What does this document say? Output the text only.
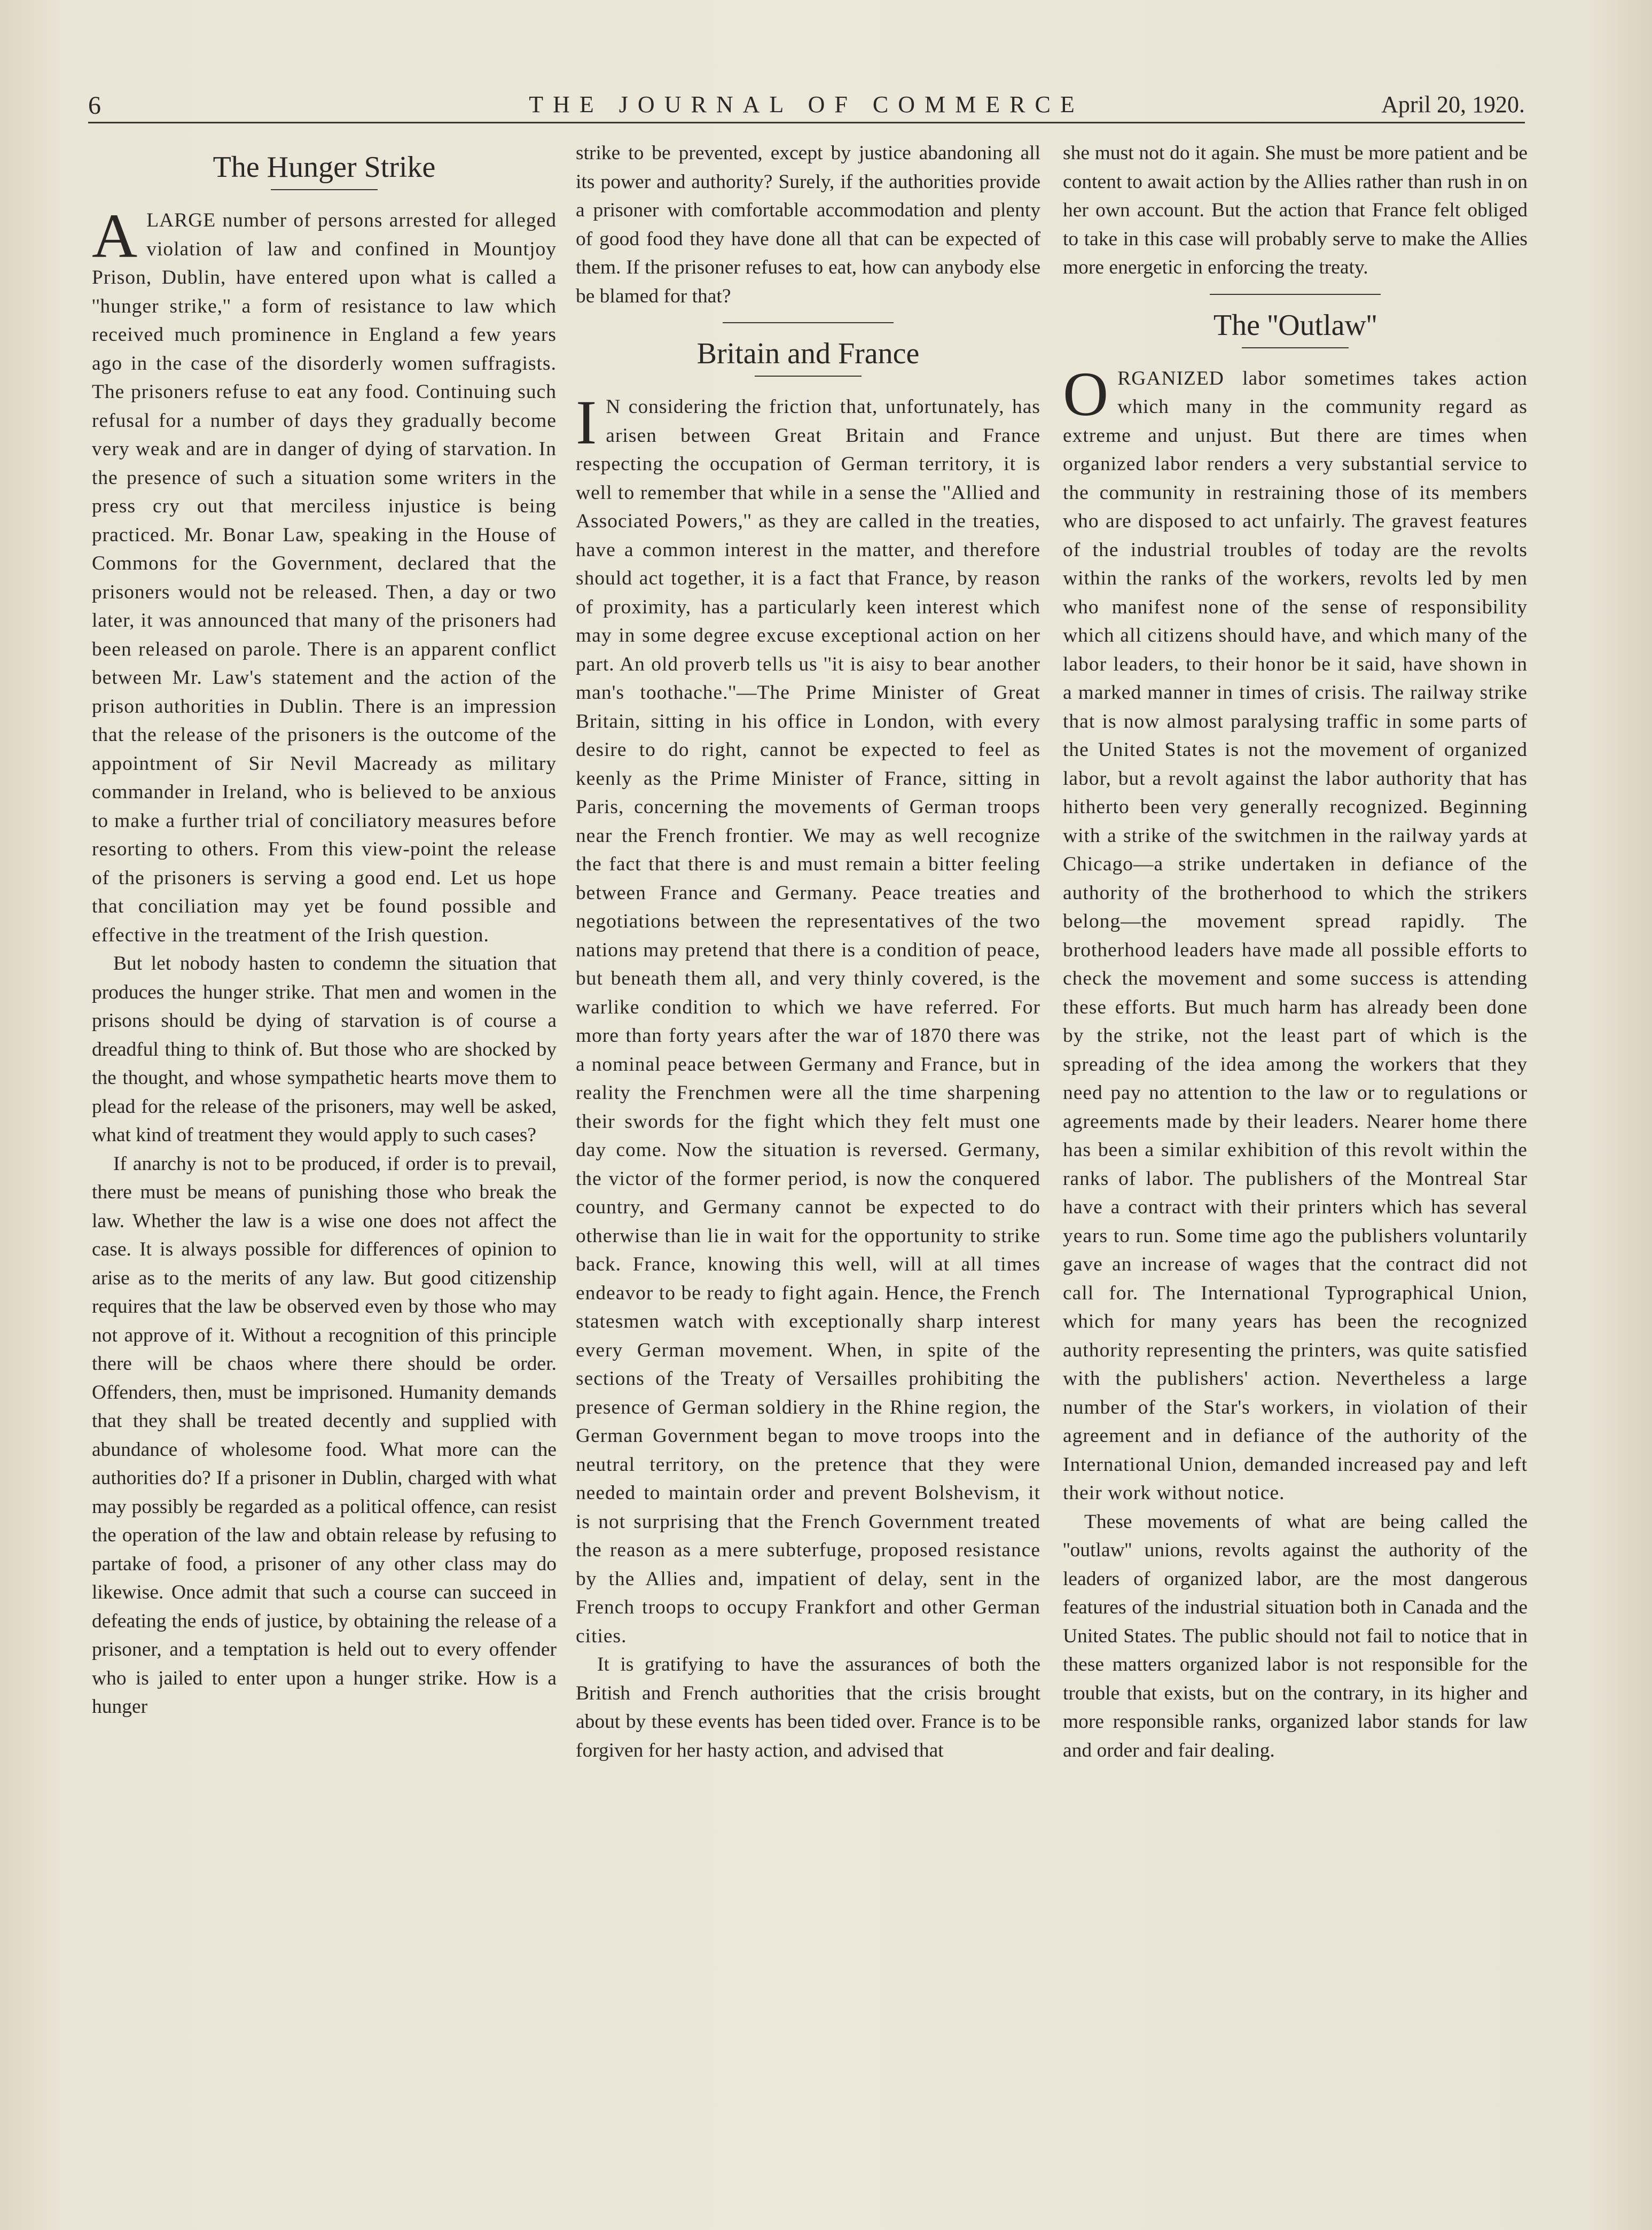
6	THE JOURNAL OF COMMERCE	April 20, 1920.
The Hunger Strike

ALARGE number of persons arrested for alleged violation of law and confined in Mountjoy Prison, Dublin, have entered upon what is called a ''hunger strike,'' a form of resistance to law which received much prominence in England a few years ago in the case of the disorderly women suffragists. The prisoners refuse to eat any food. Continuing such refusal for a number of days they gradually become very weak and are in danger of dying of starvation. In the presence of such a situation some writers in the press cry out that merciless injustice is being practiced. Mr. Bonar Law, speaking in the House of Commons for the Government, declared that the prisoners would not be released. Then, a day or two later, it was announced that many of the prisoners had been released on parole. There is an apparent conflict between Mr. Law's statement and the action of the prison authorities in Dublin. There is an impression that the release of the prisoners is the outcome of the appointment of Sir Nevil Macready as military commander in Ireland, who is believed to be anxious to make a further trial of conciliatory measures before resorting to others. From this view-point the release of the prisoners is serving a good end. Let us hope that conciliation may yet be found possible and effective in the treatment of the Irish question.

But let nobody hasten to condemn the situation that produces the hunger strike. That men and women in the prisons should be dying of starvation is of course a dreadful thing to think of. But those who are shocked by the thought, and whose sympathetic hearts move them to plead for the release of the prisoners, may well be asked, what kind of treatment they would apply to such cases?

If anarchy is not to be produced, if order is to prevail, there must be means of punishing those who break the law. Whether the law is a wise one does not affect the case. It is always possible for differences of opinion to arise as to the merits of any law. But good citizenship requires that the law be observed even by those who may not approve of it. Without a recognition of this principle there will be chaos where there should be order. Offenders, then, must be imprisoned. Humanity demands that they shall be treated decently and supplied with abundance of wholesome food. What more can the authorities do? If a prisoner in Dublin, charged with what may possibly be regarded as a political offence, can resist the operation of the law and obtain release by refusing to partake of food, a prisoner of any other class may do likewise. Once admit that such a course can succeed in defeating the ends of justice, by obtaining the release of a prisoner, and a temptation is held out to every offender who is jailed to enter upon a hunger strike. How is a hunger

strike to be prevented, except by justice abandoning all its power and authority? Surely, if the authorities provide a prisoner with comfortable accommodation and plenty of good food they have done all that can be expected of them. If the prisoner refuses to eat, how can anybody else be blamed for that?

Britain and France

I N considering the friction that, unfortunately, has arisen between Great Britain and France respecting the occupation of German territory, it is well to remember that while in a sense the ''Allied and Associated Powers,'' as they are called in the treaties, have a common interest in the matter, and therefore should act together, it is a fact that France, by reason of proximity, has a particularly keen interest which may in some degree excuse exceptional action on her part. An old proverb tells us ''it is aisy to bear another man's toothache.''—The Prime Minister of Great Britain, sitting in his office in London, with every desire to do right, cannot be expected to feel as keenly as the Prime Minister of France, sitting in Paris, concerning the movements of German troops near the French frontier. We may as well recognize the fact that there is and must remain a bitter feeling between France and Germany. Peace treaties and negotiations between the representatives of the two nations may pretend that there is a condition of peace, but beneath them all, and very thinly covered, is the warlike condition to which we have referred. For more than forty years after the war of 1870 there was a nominal peace between Germany and France, but in reality the Frenchmen were all the time sharpening their swords for the fight which they felt must one day come. Now the situation is reversed. Germany, the victor of the former period, is now the conquered country, and Germany cannot be expected to do otherwise than lie in wait for the opportunity to strike back. France, knowing this well, will at all times endeavor to be ready to fight again. Hence, the French statesmen watch with exceptionally sharp interest every German movement. When, in spite of the sections of the Treaty of Versailles prohibiting the presence of German soldiery in the Rhine region, the German Government began to move troops into the neutral territory, on the pretence that they were needed to maintain order and prevent Bolshevism, it is not surprising that the French Government treated the reason as a mere subterfuge, proposed resistance by the Allies and, impatient of delay, sent in the French troops to occupy Frankfort and other German cities.

It is gratifying to have the assurances of both the British and French authorities that the crisis brought about by these events has been tided over. France is to be forgiven for her hasty action, and advised that

she must not do it again. She must be more patient and be content to await action by the Allies rather than rush in on her own account. But the action that France felt obliged to take in this case will probably serve to make the Allies more energetic in enforcing the treaty.

The ''Outlaw''

ORGANIZED labor sometimes takes action which many in the community regard as extreme and unjust. But there are times when organized labor renders a very substantial service to the community in restraining those of its members who are disposed to act unfairly. The gravest features of the industrial troubles of today are the revolts within the ranks of the workers, revolts led by men who manifest none of the sense of responsibility which all citizens should have, and which many of the labor leaders, to their honor be it said, have shown in a marked manner in times of crisis. The railway strike that is now almost paralysing traffic in some parts of the United States is not the movement of organized labor, but a revolt against the labor authority that has hitherto been very generally recognized. Beginning with a strike of the switchmen in the railway yards at Chicago—a strike undertaken in defiance of the authority of the brotherhood to which the strikers belong—the movement spread rapidly. The brotherhood leaders have made all possible efforts to check the movement and some success is attending these efforts. But much harm has already been done by the strike, not the least part of which is the spreading of the idea among the workers that they need pay no attention to the law or to regulations or agreements made by their leaders. Nearer home there has been a similar exhibition of this revolt within the ranks of labor. The publishers of the Montreal Star have a contract with their printers which has several years to run. Some time ago the publishers voluntarily gave an increase of wages that the contract did not call for. The International Typrographical Union, which for many years has been the recognized authority representing the printers, was quite satisfied with the publishers' action. Nevertheless a large number of the Star's workers, in violation of their agreement and in defiance of the authority of the International Union, demanded increased pay and left their work without notice.

These movements of what are being called the ''outlaw'' unions, revolts against the authority of the leaders of organized labor, are the most dangerous features of the industrial situation both in Canada and the United States. The public should not fail to notice that in these matters organized labor is not responsible for the trouble that exists, but on the contrary, in its higher and more responsible ranks, organized labor stands for law and order and fair dealing.
